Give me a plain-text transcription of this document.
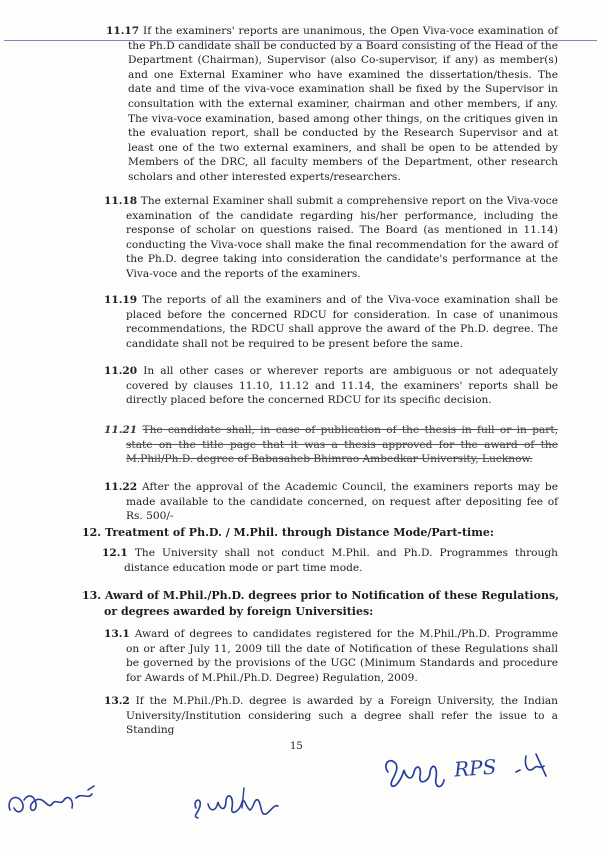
11.17 If the examiners' reports are unanimous, the Open Viva-voce examination of the Ph.D candidate shall be conducted by a Board consisting of the Head of the Department (Chairman), Supervisor (also Co-supervisor, if any) as member(s) and one External Examiner who have examined the dissertation/thesis. The date and time of the viva-voce examination shall be fixed by the Supervisor in consultation with the external examiner, chairman and other members, if any. The viva-voce examination, based among other things, on the critiques given in the evaluation report, shall be conducted by the Research Supervisor and at least one of the two external examiners, and shall be open to be attended by Members of the DRC, all faculty members of the Department, other research scholars and other interested experts/researchers.
11.18 The external Examiner shall submit a comprehensive report on the Viva-voce examination of the candidate regarding his/her performance, including the response of scholar on questions raised. The Board (as mentioned in 11.14) conducting the Viva-voce shall make the final recommendation for the award of the Ph.D. degree taking into consideration the candidate's performance at the Viva-voce and the reports of the examiners.
11.19 The reports of all the examiners and of the Viva-voce examination shall be placed before the concerned RDCU for consideration. In case of unanimous recommendations, the RDCU shall approve the award of the Ph.D. degree. The candidate shall not be required to be present before the same.
11.20 In all other cases or wherever reports are ambiguous or not adequately covered by clauses 11.10, 11.12 and 11.14, the examiners' reports shall be directly placed before the concerned RDCU for its specific decision.
11.21 The candidate shall, in case of publication of the thesis in full or in part, state on the title page that it was a thesis approved for the award of the M.Phil/Ph.D. degree of Babasaheb Bhimrao Ambedkar University, Lucknow.
11.22 After the approval of the Academic Council, the examiners reports may be made available to the candidate concerned, on request after depositing fee of Rs. 500/-
12. Treatment of Ph.D. / M.Phil. through Distance Mode/Part-time:
12.1 The University shall not conduct M.Phil. and Ph.D. Programmes through distance education mode or part time mode.
13. Award of M.Phil./Ph.D. degrees prior to Notification of these Regulations, or degrees awarded by foreign Universities:
13.1 Award of degrees to candidates registered for the M.Phil./Ph.D. Programme on or after July 11, 2009 till the date of Notification of these Regulations shall be governed by the provisions of the UGC (Minimum Standards and procedure for Awards of M.Phil./Ph.D. Degree) Regulation, 2009.
13.2 If the M.Phil./Ph.D. degree is awarded by a Foreign University, the Indian University/Institution considering such a degree shall refer the issue to a Standing
15
RPS
